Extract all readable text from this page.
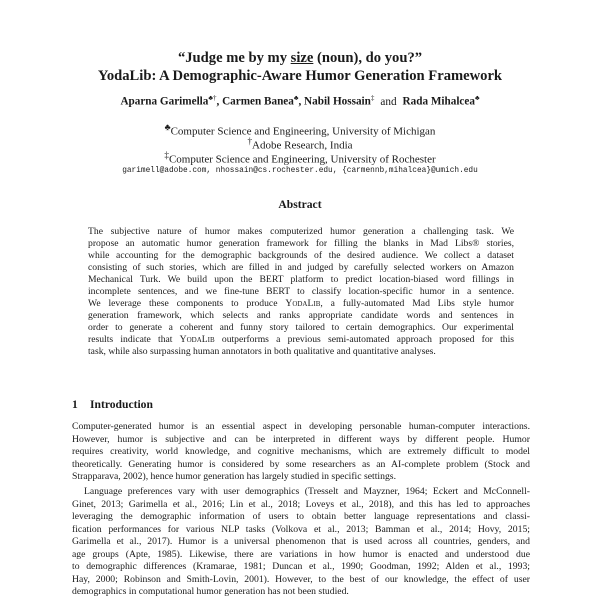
“Judge me by my size (noun), do you?”
YodaLib: A Demographic-Aware Humor Generation Framework
Aparna Garimella♣†, Carmen Banea♣, Nabil Hossain‡ and Rada Mihalcea♣
♣Computer Science and Engineering, University of Michigan
†Adobe Research, India
‡Computer Science and Engineering, University of Rochester
garimell@adobe.com, nhossain@cs.rochester.edu, {carmennb,mihalcea}@umich.edu
Abstract
The subjective nature of humor makes computerized humor generation a challenging task. We
propose an automatic humor generation framework for filling the blanks in Mad Libs® stories,
while accounting for the demographic backgrounds of the desired audience. We collect a dataset
consisting of such stories, which are filled in and judged by carefully selected workers on Amazon
Mechanical Turk. We build upon the BERT platform to predict location-biased word fillings in
incomplete sentences, and we fine-tune BERT to classify location-specific humor in a sentence.
We leverage these components to produce YodaLib, a fully-automated Mad Libs style humor
generation framework, which selects and ranks appropriate candidate words and sentences in
order to generate a coherent and funny story tailored to certain demographics. Our experimental
results indicate that YodaLib outperforms a previous semi-automated approach proposed for this
task, while also surpassing human annotators in both qualitative and quantitative analyses.
1 Introduction
Computer-generated humor is an essential aspect in developing personable human-computer interactions.
However, humor is subjective and can be interpreted in different ways by different people. Humor
requires creativity, world knowledge, and cognitive mechanisms, which are extremely difficult to model
theoretically. Generating humor is considered by some researchers as an AI-complete problem (Stock and
Strapparava, 2002), hence humor generation has largely studied in specific settings.
Language preferences vary with user demographics (Tresselt and Mayzner, 1964; Eckert and McConnell-
Ginet, 2013; Garimella et al., 2016; Lin et al., 2018; Loveys et al., 2018), and this has led to approaches
leveraging the demographic information of users to obtain better language representations and classi-
fication performances for various NLP tasks (Volkova et al., 2013; Bamman et al., 2014; Hovy, 2015;
Garimella et al., 2017). Humor is a universal phenomenon that is used across all countries, genders, and
age groups (Apte, 1985). Likewise, there are variations in how humor is enacted and understood due
to demographic differences (Kramarae, 1981; Duncan et al., 1990; Goodman, 1992; Alden et al., 1993;
Hay, 2000; Robinson and Smith-Lovin, 2001). However, to the best of our knowledge, the effect of user
demographics in computational humor generation has not been studied.
